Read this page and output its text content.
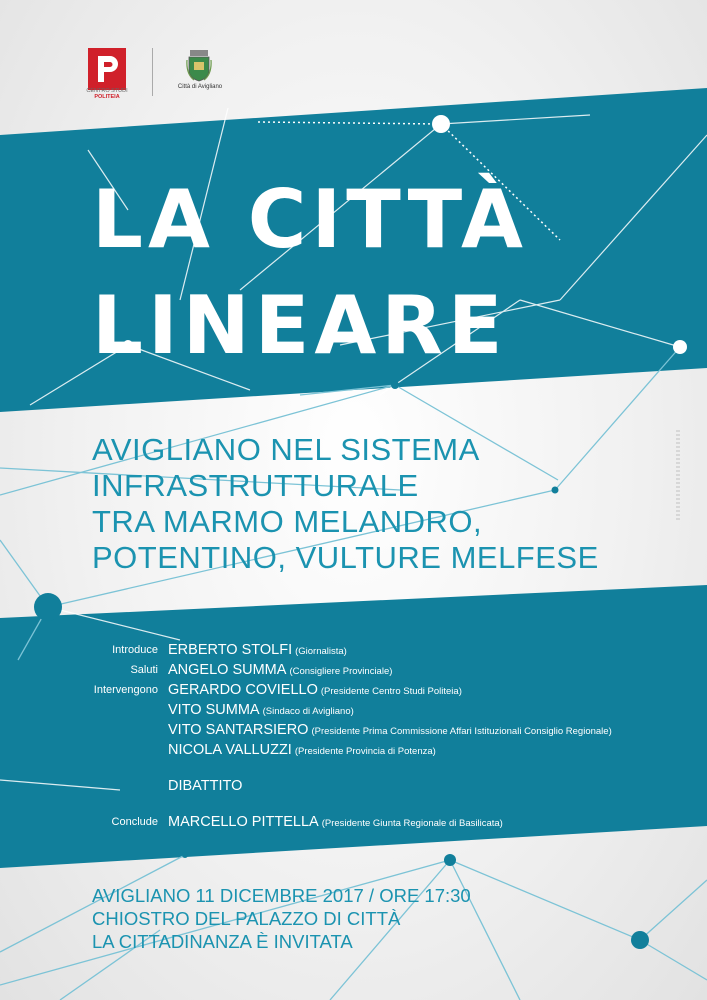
CENTRO STUDI
POLITEIA
Città di Avigliano
LA CITTÀ
LINEARE
AVIGLIANO NEL SISTEMA
INFRASTRUTTURALE
TRA MARMO MELANDRO,
POTENTINO, VULTURE MELFESE
Introduce ERBERTO STOLFI (Giornalista)
Saluti ANGELO SUMMA (Consigliere Provinciale)
Intervengono GERARDO COVIELLO (Presidente Centro Studi Politeia)
VITO SUMMA (Sindaco di Avigliano)
VITO SANTARSIERO (Presidente Prima Commissione Affari Istituzionali Consiglio Regionale)
NICOLA VALLUZZI (Presidente Provincia di Potenza)
DIBATTITO
Conclude MARCELLO PITTELLA (Presidente Giunta Regionale di Basilicata)
AVIGLIANO 11 DICEMBRE 2017 / ORE 17:30
CHIOSTRO DEL PALAZZO DI CITTÀ
LA CITTADINANZA È INVITATA
